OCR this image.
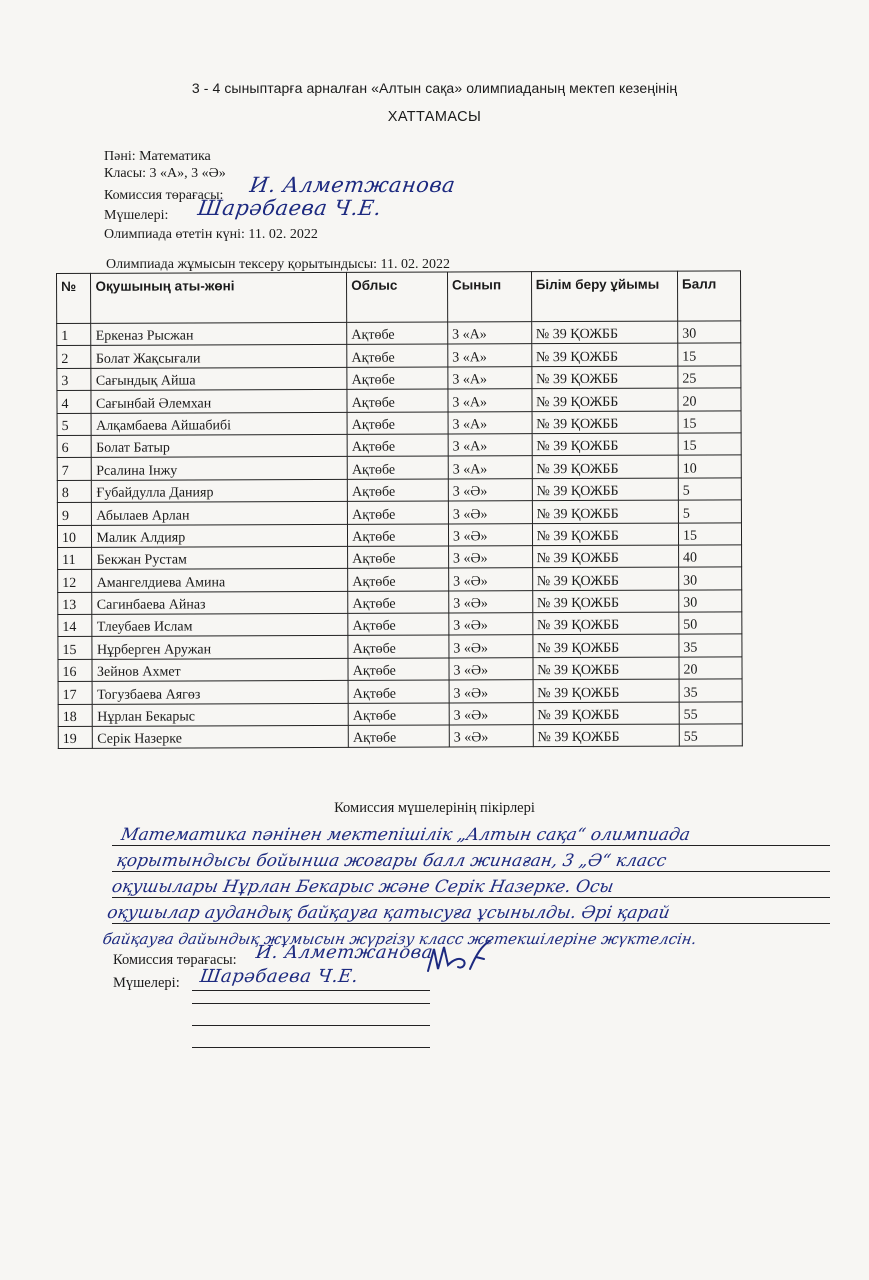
3 - 4 сыныптарға арналған «Алтын сақа» олимпиаданың мектеп кезеңінің
ХАТТАМАСЫ
Пәні: Математика
Класы: 3 «А», 3 «Ә»
Комиссия төрағасы: И. Алметжанова
Мүшелері: Шарәбаева Ч.Е.
Олимпиада өтетін күні: 11. 02. 2022
Олимпиада жұмысын тексеру қорытындысы: 11. 02. 2022
№	Оқушының аты-жөні	Облыс	Сынып	Білім беру ұйымы	Балл
1	Еркеназ Рысжан	Ақтөбе	3 «А»	№ 39 ҚОЖББ	30
2	Болат Жақсығали	Ақтөбе	3 «А»	№ 39 ҚОЖББ	15
3	Сағындық Айша	Ақтөбе	3 «А»	№ 39 ҚОЖББ	25
4	Сағынбай Әлемхан	Ақтөбе	3 «А»	№ 39 ҚОЖББ	20
5	Алқамбаева Айшабибі	Ақтөбе	3 «А»	№ 39 ҚОЖББ	15
6	Болат Батыр	Ақтөбе	3 «А»	№ 39 ҚОЖББ	15
7	Рсалина Інжу	Ақтөбе	3 «А»	№ 39 ҚОЖББ	10
8	Ғубайдулла Данияр	Ақтөбе	3 «Ә»	№ 39 ҚОЖББ	5
9	Абылаев Арлан	Ақтөбе	3 «Ә»	№ 39 ҚОЖББ	5
10	Малик Алдияр	Ақтөбе	3 «Ә»	№ 39 ҚОЖББ	15
11	Бекжан Рустам	Ақтөбе	3 «Ә»	№ 39 ҚОЖББ	40
12	Амангелдиева Амина	Ақтөбе	3 «Ә»	№ 39 ҚОЖББ	30
13	Сагинбаева Айназ	Ақтөбе	3 «Ә»	№ 39 ҚОЖББ	30
14	Тлеубаев Ислам	Ақтөбе	3 «Ә»	№ 39 ҚОЖББ	50
15	Нұрберген Аружан	Ақтөбе	3 «Ә»	№ 39 ҚОЖББ	35
16	Зейнов Ахмет	Ақтөбе	3 «Ә»	№ 39 ҚОЖББ	20
17	Тогузбаева Аягөз	Ақтөбе	3 «Ә»	№ 39 ҚОЖББ	35
18	Нұрлан Бекарыс	Ақтөбе	3 «Ә»	№ 39 ҚОЖББ	55
19	Серік Назерке	Ақтөбе	3 «Ә»	№ 39 ҚОЖББ	55
Комиссия мүшелерінің пікірлері
Математика пәнінен мектепішілік „Алтын сақа“ олимпиада
қорытындысы бойынша жоғары балл жинаған, 3 „Ә“ класс
оқушылары Нұрлан Бекарыс және Серік Назерке. Осы
оқушылар аудандық байқауға қатысуға ұсынылды. Әрі қарай
байқауға дайындық жұмысын жүргізу класс жетекшілеріне жүктелсін.
Комиссия төрағасы: И. Алметжанова
Мүшелері: Шарәбаева Ч.Е.
